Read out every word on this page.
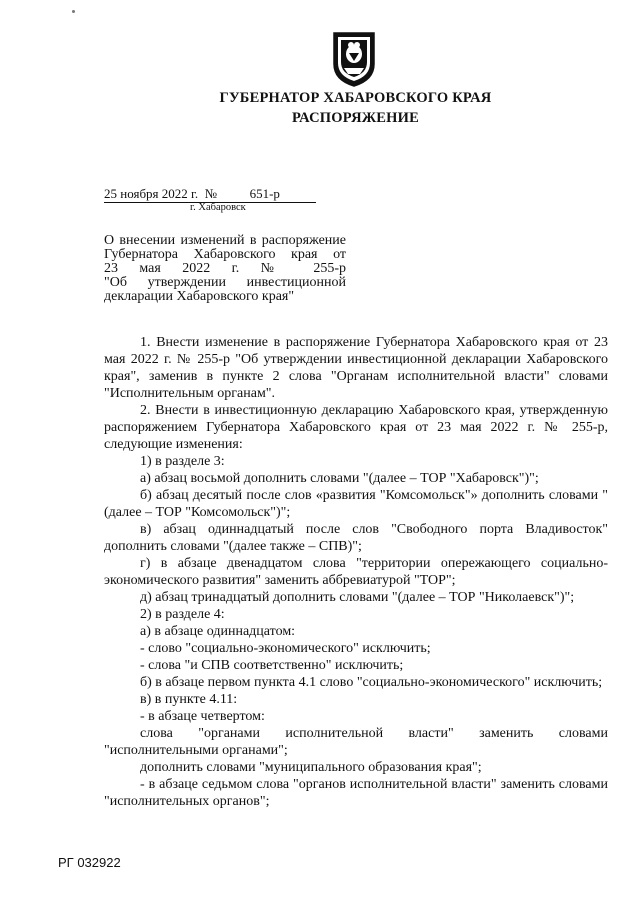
ГУБЕРНАТОР ХАБАРОВСКОГО КРАЯ
РАСПОРЯЖЕНИЕ
25 ноября 2022 г. №	651-р
г. Хабаровск
О внесении изменений в распоряжение
Губернатора Хабаровского края от
23 мая 2022 г. № 255-р
"Об утверждении инвестиционной
декларации Хабаровского края"

1. Внести изменение в распоряжение Губернатора Хабаровского края от 23 мая 2022 г. № 255-р "Об утверждении инвестиционной декларации Хабаровского края", заменив в пункте 2 слова "Органам исполнительной власти" словами "Исполнительным органам".

2. Внести в инвестиционную декларацию Хабаровского края, утвержденную распоряжением Губернатора Хабаровского края от 23 мая 2022 г. № 255-р, следующие изменения:

1) в разделе 3:

а) абзац восьмой дополнить словами "(далее – ТОР "Хабаровск")";

б) абзац десятый после слов «развития "Комсомольск"» дополнить словами "(далее – ТОР "Комсомольск")";

в) абзац одиннадцатый после слов "Свободного порта Владивосток" дополнить словами "(далее также – СПВ)";

г) в абзаце двенадцатом слова "территории опережающего социально-экономического развития" заменить аббревиатурой "ТОР";

д) абзац тринадцатый дополнить словами "(далее – ТОР "Николаевск")";

2) в разделе 4:

а) в абзаце одиннадцатом:

- слово "социально-экономического" исключить;

- слова "и СПВ соответственно" исключить;

б) в абзаце первом пункта 4.1 слово "социально-экономического" исключить;

в) в пункте 4.11:

- в абзаце четвертом:

слова "органами исполнительной власти" заменить словами "исполнительными органами";

дополнить словами "муниципального образования края";

- в абзаце седьмом слова "органов исполнительной власти" заменить словами "исполнительных органов";

РГ 032922
